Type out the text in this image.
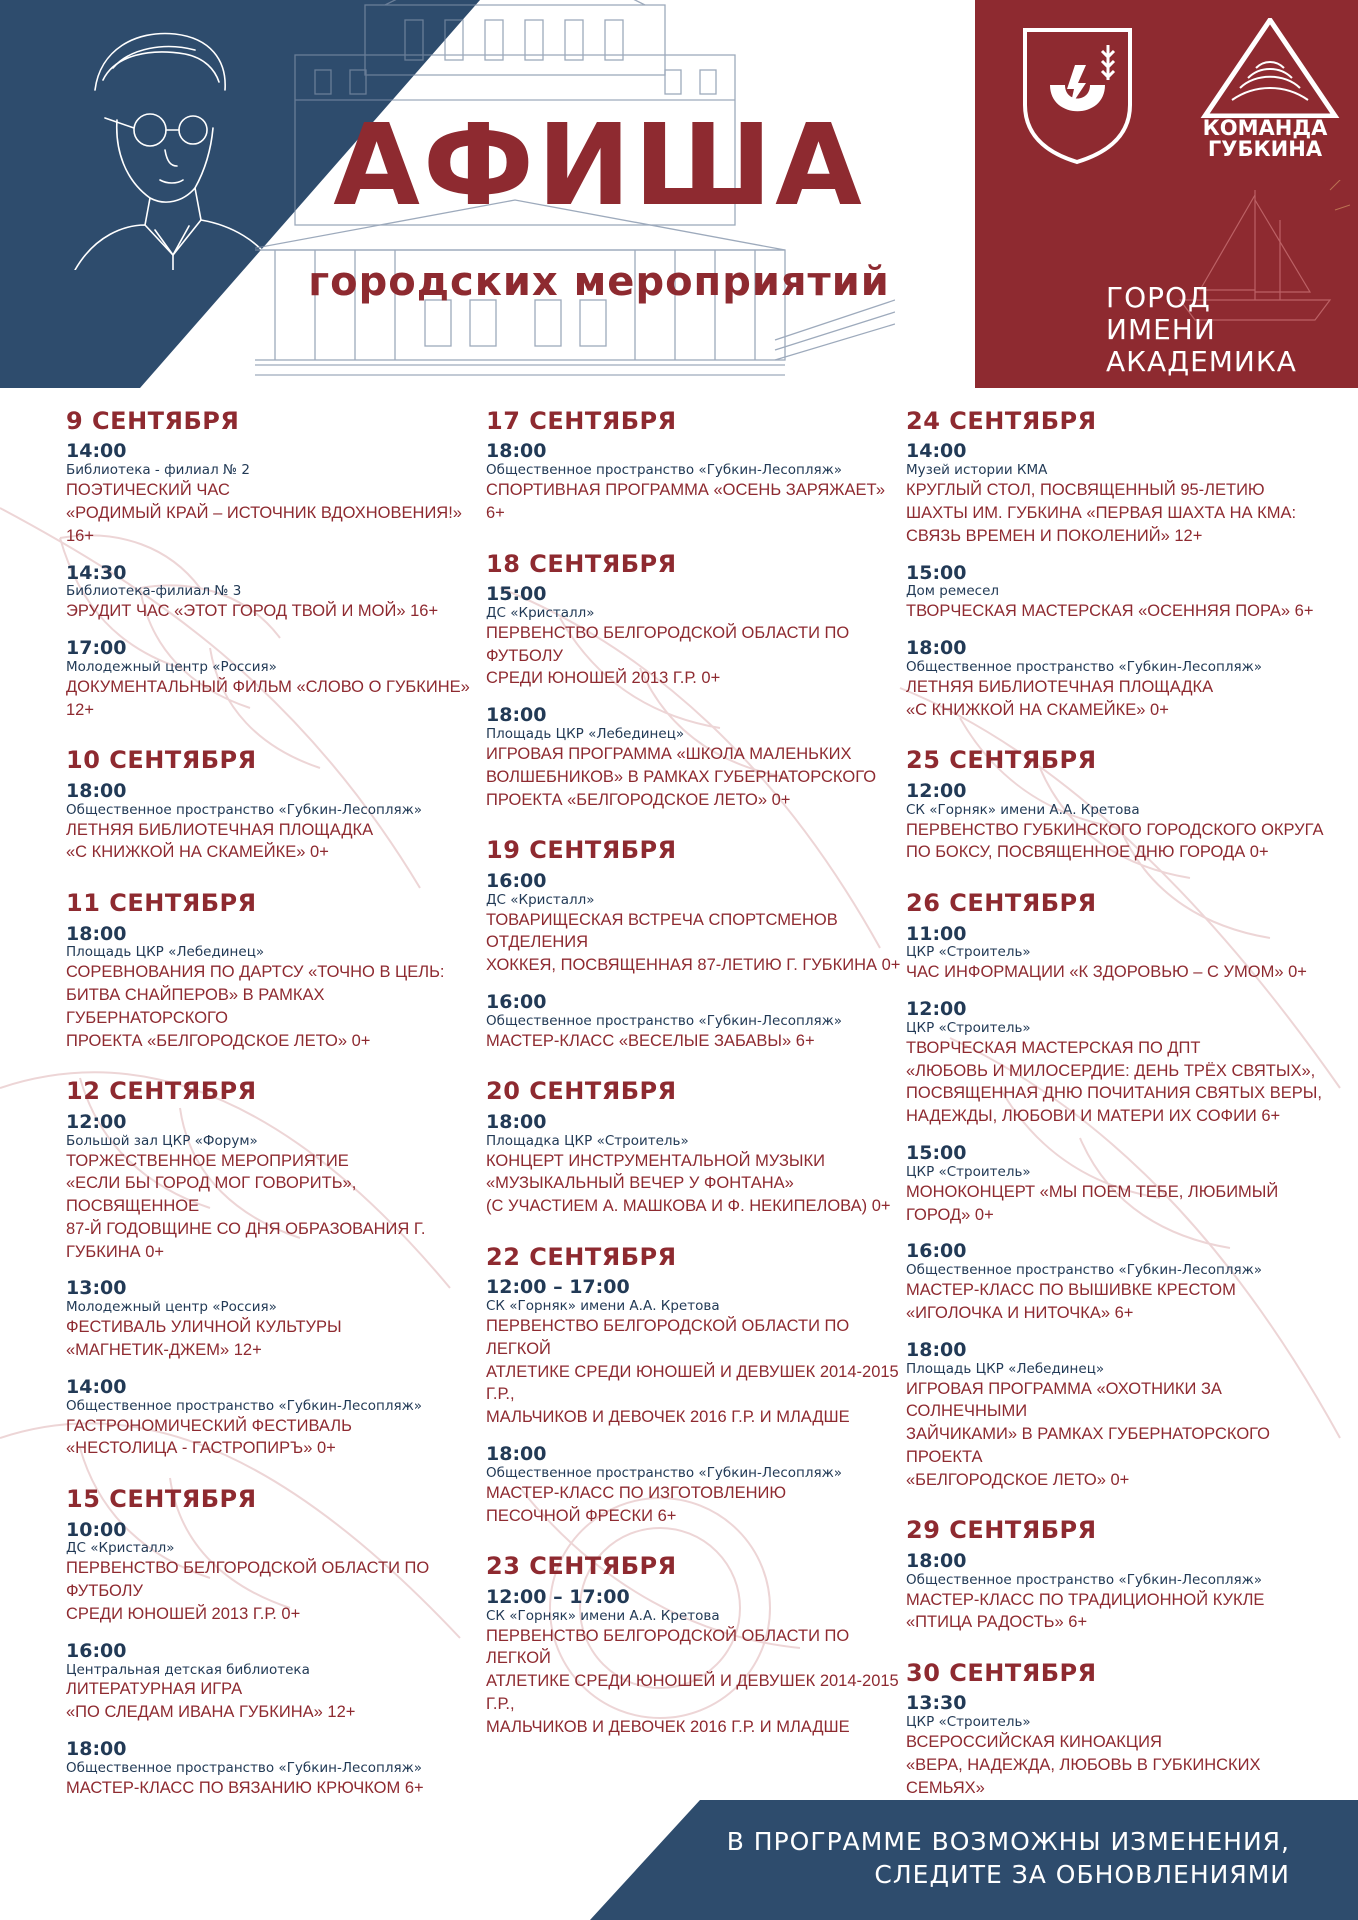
КОМАНДА
ГУБКИНА
ГОРОД
ИМЕНИ
АКАДЕМИКА
АФИША
городских мероприятий
9 СЕНТЯБРЯ
14:00
Библиотека - филиал № 2
ПОЭТИЧЕСКИЙ ЧАС
«РОДИМЫЙ КРАЙ – ИСТОЧНИК ВДОХНОВЕНИЯ!» 16+
14:30
Библиотека-филиал № 3
ЭРУДИТ ЧАС «ЭТОТ ГОРОД ТВОЙ И МОЙ» 16+
17:00
Молодежный центр «Россия»
ДОКУМЕНТАЛЬНЫЙ ФИЛЬМ «СЛОВО О ГУБКИНЕ» 12+
10 СЕНТЯБРЯ
18:00
Общественное пространство «Губкин-Лесопляж»
ЛЕТНЯЯ БИБЛИОТЕЧНАЯ ПЛОЩАДКА
«С КНИЖКОЙ НА СКАМЕЙКЕ» 0+
11 СЕНТЯБРЯ
18:00
Площадь ЦКР «Лебединец»
СОРЕВНОВАНИЯ ПО ДАРТСУ «ТОЧНО В ЦЕЛЬ:
БИТВА СНАЙПЕРОВ» В РАМКАХ ГУБЕРНАТОРСКОГО
ПРОЕКТА «БЕЛГОРОДСКОЕ ЛЕТО» 0+
12 СЕНТЯБРЯ
12:00
Большой зал ЦКР «Форум»
ТОРЖЕСТВЕННОЕ МЕРОПРИЯТИЕ
«ЕСЛИ БЫ ГОРОД МОГ ГОВОРИТЬ», ПОСВЯЩЕННОЕ
87-Й ГОДОВЩИНЕ СО ДНЯ ОБРАЗОВАНИЯ Г. ГУБКИНА 0+
13:00
Молодежный центр «Россия»
ФЕСТИВАЛЬ УЛИЧНОЙ КУЛЬТУРЫ
«МАГНЕТИК-ДЖЕМ» 12+
14:00
Общественное пространство «Губкин-Лесопляж»
ГАСТРОНОМИЧЕСКИЙ ФЕСТИВАЛЬ
«НЕСТОЛИЦА - ГАСТРОПИРЪ» 0+
15 СЕНТЯБРЯ
10:00
ДС «Кристалл»
ПЕРВЕНСТВО БЕЛГОРОДСКОЙ ОБЛАСТИ ПО ФУТБОЛУ
СРЕДИ ЮНОШЕЙ 2013 Г.Р. 0+
16:00
Центральная детская библиотека
ЛИТЕРАТУРНАЯ ИГРА
«ПО СЛЕДАМ ИВАНА ГУБКИНА» 12+
18:00
Общественное пространство «Губкин-Лесопляж»
МАСТЕР-КЛАСС ПО ВЯЗАНИЮ КРЮЧКОМ 6+
17 СЕНТЯБРЯ
18:00
Общественное пространство «Губкин-Лесопляж»
СПОРТИВНАЯ ПРОГРАММА «ОСЕНЬ ЗАРЯЖАЕТ» 6+
18 СЕНТЯБРЯ
15:00
ДС «Кристалл»
ПЕРВЕНСТВО БЕЛГОРОДСКОЙ ОБЛАСТИ ПО ФУТБОЛУ
СРЕДИ ЮНОШЕЙ 2013 Г.Р. 0+
18:00
Площадь ЦКР «Лебединец»
ИГРОВАЯ ПРОГРАММА «ШКОЛА МАЛЕНЬКИХ
ВОЛШЕБНИКОВ» В РАМКАХ ГУБЕРНАТОРСКОГО
ПРОЕКТА «БЕЛГОРОДСКОЕ ЛЕТО» 0+
19 СЕНТЯБРЯ
16:00
ДС «Кристалл»
ТОВАРИЩЕСКАЯ ВСТРЕЧА СПОРТСМЕНОВ ОТДЕЛЕНИЯ
ХОККЕЯ, ПОСВЯЩЕННАЯ 87-ЛЕТИЮ Г. ГУБКИНА 0+
16:00
Общественное пространство «Губкин-Лесопляж»
МАСТЕР-КЛАСС «ВЕСЕЛЫЕ ЗАБАВЫ» 6+
20 СЕНТЯБРЯ
18:00
Площадка ЦКР «Строитель»
КОНЦЕРТ ИНСТРУМЕНТАЛЬНОЙ МУЗЫКИ
«МУЗЫКАЛЬНЫЙ ВЕЧЕР У ФОНТАНА»
(С УЧАСТИЕМ А. МАШКОВА И Ф. НЕКИПЕЛОВА) 0+
22 СЕНТЯБРЯ
12:00 – 17:00
СК «Горняк» имени А.А. Кретова
ПЕРВЕНСТВО БЕЛГОРОДСКОЙ ОБЛАСТИ ПО ЛЕГКОЙ
АТЛЕТИКЕ СРЕДИ ЮНОШЕЙ И ДЕВУШЕК 2014-2015 Г.Р.,
МАЛЬЧИКОВ И ДЕВОЧЕК 2016 Г.Р. И МЛАДШЕ
18:00
Общественное пространство «Губкин-Лесопляж»
МАСТЕР-КЛАСС ПО ИЗГОТОВЛЕНИЮ
ПЕСОЧНОЙ ФРЕСКИ 6+
23 СЕНТЯБРЯ
12:00 – 17:00
СК «Горняк» имени А.А. Кретова
ПЕРВЕНСТВО БЕЛГОРОДСКОЙ ОБЛАСТИ ПО ЛЕГКОЙ
АТЛЕТИКЕ СРЕДИ ЮНОШЕЙ И ДЕВУШЕК 2014-2015 Г.Р.,
МАЛЬЧИКОВ И ДЕВОЧЕК 2016 Г.Р. И МЛАДШЕ
24 СЕНТЯБРЯ
14:00
Музей истории КМА
КРУГЛЫЙ СТОЛ, ПОСВЯЩЕННЫЙ 95-ЛЕТИЮ
ШАХТЫ ИМ. ГУБКИНА «ПЕРВАЯ ШАХТА НА КМА:
СВЯЗЬ ВРЕМЕН И ПОКОЛЕНИЙ» 12+
15:00
Дом ремесел
ТВОРЧЕСКАЯ МАСТЕРСКАЯ «ОСЕННЯЯ ПОРА» 6+
18:00
Общественное пространство «Губкин-Лесопляж»
ЛЕТНЯЯ БИБЛИОТЕЧНАЯ ПЛОЩАДКА
«С КНИЖКОЙ НА СКАМЕЙКЕ» 0+
25 СЕНТЯБРЯ
12:00
СК «Горняк» имени А.А. Кретова
ПЕРВЕНСТВО ГУБКИНСКОГО ГОРОДСКОГО ОКРУГА
ПО БОКСУ, ПОСВЯЩЕННОЕ ДНЮ ГОРОДА 0+
26 СЕНТЯБРЯ
11:00
ЦКР «Строитель»
ЧАС ИНФОРМАЦИИ «К ЗДОРОВЬЮ – С УМОМ» 0+
12:00
ЦКР «Строитель»
ТВОРЧЕСКАЯ МАСТЕРСКАЯ ПО ДПТ
«ЛЮБОВЬ И МИЛОСЕРДИЕ: ДЕНЬ ТРЁХ СВЯТЫХ»,
ПОСВЯЩЕННАЯ ДНЮ ПОЧИТАНИЯ СВЯТЫХ ВЕРЫ,
НАДЕЖДЫ, ЛЮБОВИ И МАТЕРИ ИХ СОФИИ 6+
15:00
ЦКР «Строитель»
МОНОКОНЦЕРТ «МЫ ПОЕМ ТЕБЕ, ЛЮБИМЫЙ ГОРОД» 0+
16:00
Общественное пространство «Губкин-Лесопляж»
МАСТЕР-КЛАСС ПО ВЫШИВКЕ КРЕСТОМ
«ИГОЛОЧКА И НИТОЧКА» 6+
18:00
Площадь ЦКР «Лебединец»
ИГРОВАЯ ПРОГРАММА «ОХОТНИКИ ЗА СОЛНЕЧНЫМИ
ЗАЙЧИКАМИ» В РАМКАХ ГУБЕРНАТОРСКОГО ПРОЕКТА
«БЕЛГОРОДСКОЕ ЛЕТО» 0+
29 СЕНТЯБРЯ
18:00
Общественное пространство «Губкин-Лесопляж»
МАСТЕР-КЛАСС ПО ТРАДИЦИОННОЙ КУКЛЕ
«ПТИЦА РАДОСТЬ» 6+
30 СЕНТЯБРЯ
13:30
ЦКР «Строитель»
ВСЕРОССИЙСКАЯ КИНОАКЦИЯ
«ВЕРА, НАДЕЖДА, ЛЮБОВЬ В ГУБКИНСКИХ СЕМЬЯХ»

В ПРОГРАММЕ ВОЗМОЖНЫ ИЗМЕНЕНИЯ,
СЛЕДИТЕ ЗА ОБНОВЛЕНИЯМИ
